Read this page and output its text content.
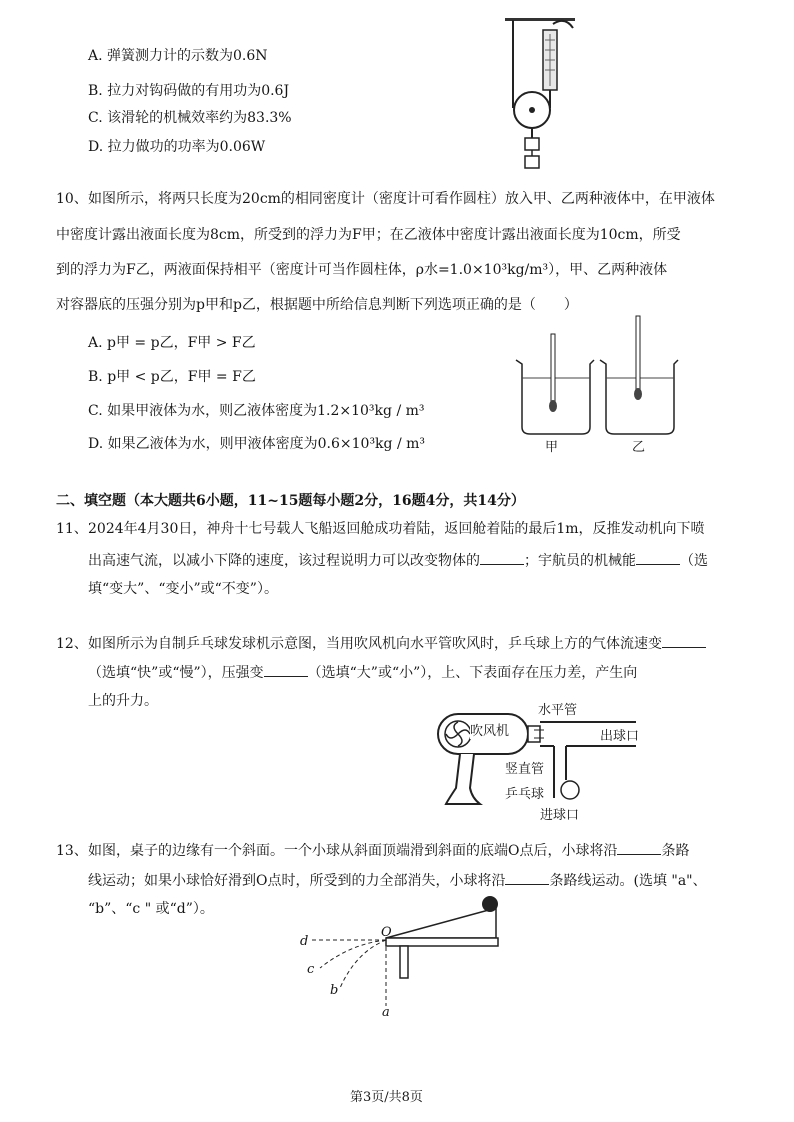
A. 弹簧测力计的示数为0.6N
B. 拉力对钩码做的有用功为0.6J
C. 该滑轮的机械效率约为83.3%
D. 拉力做功的功率为0.06W
10、 如图所示，将两只长度为20cm的相同密度计（密度计可看作圆柱）放入甲、乙两种液体中，在甲液体
中密度计露出液面长度为8cm，所受到的浮力为F甲；在乙液体中密度计露出液面长度为10cm，所受
到的浮力为F乙，两液面保持相平（密度计可当作圆柱体，ρ水=1.0×10³kg/m³），甲、乙两种液体
对容器底的压强分别为p甲和p乙，根据题中所给信息判断下列选项正确的是（　　）
A. p甲 = p乙，F甲 > F乙
B. p甲 < p乙，F甲 = F乙
C. 如果甲液体为水，则乙液体密度为1.2×10³kg / m³
D. 如果乙液体为水，则甲液体密度为0.6×10³kg / m³	甲	乙
二、填空题（本大题共6小题，11~15题每小题2分，16题4分，共14分）
11、 2024年4月30日，神舟十七号载人飞船返回舱成功着陆，返回舱着陆的最后1m，反推发动机向下喷
出高速气流，以减小下降的速度，该过程说明力可以改变物体的	；宇航员的机械能	（选
填“变大”、“变小”或“不变”）。
12、 如图所示为自制乒乓球发球机示意图，当用吹风机向水平管吹风时，乒乓球上方的气体流速变
（选填“快”或“慢”），压强变	（选填“大”或“小”），上、下表面存在压力差，产生向
上的升力。
吹风机
水平管
出球口
竖直管
乒乓球
进球口
13、 如图，桌子的边缘有一个斜面。一个小球从斜面顶端滑到斜面的底端O点后，小球将沿	条路
线运动；如果小球恰好滑到O点时，所受到的力全部消失，小球将沿	条路线运动。(选填 "a"、
“b”、“c " 或“d”）。
O
a
b
c
d
第3页/共8页
